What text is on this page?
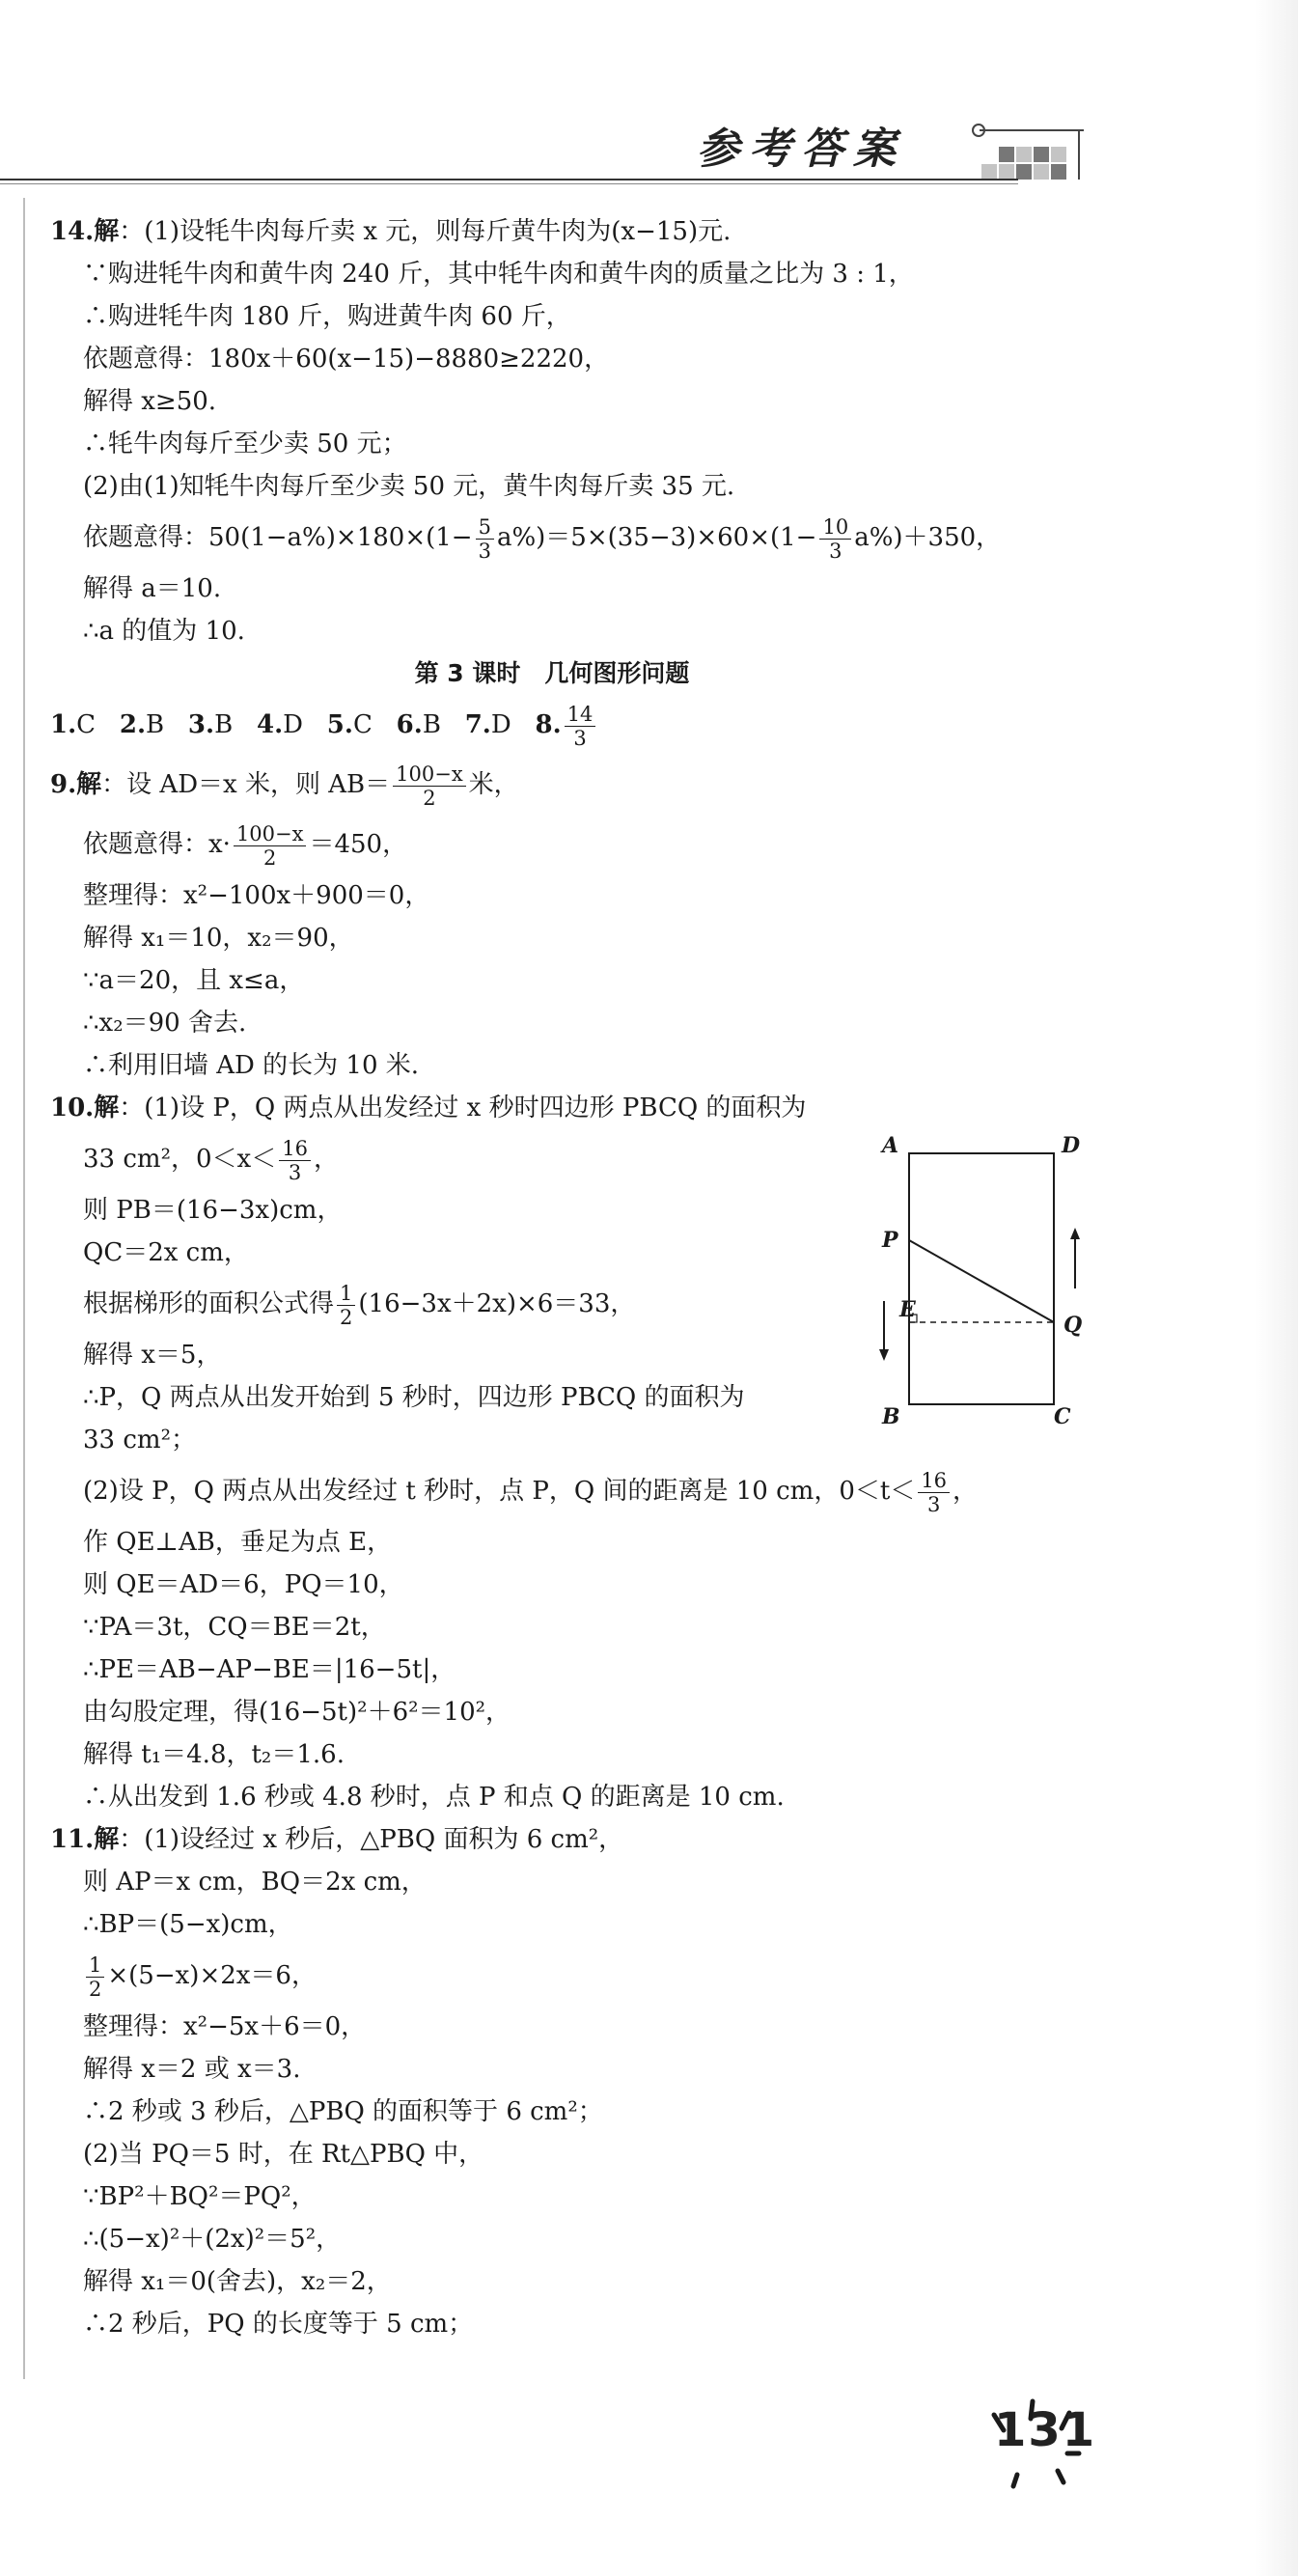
参考答案
14.解：(1)设牦牛肉每斤卖 x 元，则每斤黄牛肉为(x−15)元.
∵购进牦牛肉和黄牛肉 240 斤，其中牦牛肉和黄牛肉的质量之比为 3 : 1，
∴购进牦牛肉 180 斤，购进黄牛肉 60 斤，
依题意得：180x＋60(x−15)−8880≥2220，
解得 x≥50.
∴牦牛肉每斤至少卖 50 元；
(2)由(1)知牦牛肉每斤至少卖 50 元，黄牛肉每斤卖 35 元.
依题意得：$50(1-a\%)\times 180\times(1- \frac{5}{3} a\%)=5\times(35-3)\times 60\times(1- \frac{10}{3} a\%)+350$，
解得 a＝10.
∴a 的值为 10.
第 3 课时　几何图形问题
1.C 2.B 3.B 4.D 5.C 6.B 7.D 8. $\frac{14}{3}$
9.解：设 AD＝x 米，则 $AB= \frac{100-x}{2}$ 米，
依题意得：$x\cdot \frac{100-x}{2} =450$，
整理得：x²−100x＋900＝0，
解得 x₁＝10，x₂＝90，
∵a＝20，且 x≤a，
∴x₂＝90 舍去.
∴利用旧墙 AD 的长为 10 米.
10.解：(1)设 P，Q 两点从出发经过 x 秒时四边形 PBCQ 的面积为
33 cm²，$0<x< \frac{16}{3}$ ，
则 PB＝(16−3x)cm，
QC＝2x cm，
根据梯形的面积公式得 $\frac{1}{2} (16-3x+2x)\times 6=33$，
解得 x＝5，
∴P，Q 两点从出发开始到 5 秒时，四边形 PBCQ 的面积为
33 cm²；
(2)设 P，Q 两点从出发经过 t 秒时，点 P，Q 间的距离是 10 cm，$0<t< \frac{16}{3}$ ，
作 QE⊥AB，垂足为点 E，
则 QE＝AD＝6，PQ＝10，
∵PA＝3t，CQ＝BE＝2t，
∴PE＝AB−AP−BE＝|16−5t|，
由勾股定理，得(16−5t)²＋6²＝10²，
解得 t₁＝4.8，t₂＝1.6.
∴从出发到 1.6 秒或 4.8 秒时，点 P 和点 Q 的距离是 10 cm.
11.解：(1)设经过 x 秒后，△PBQ 面积为 6 cm²，
则 AP＝x cm，BQ＝2x cm，
∴BP＝(5−x)cm，
$\frac{1}{2} \times(5-x)\times 2x=6$，
整理得：x²−5x＋6＝0，
解得 x＝2 或 x＝3.
∴2 秒或 3 秒后，△PBQ 的面积等于 6 cm²；
(2)当 PQ＝5 时，在 Rt△PBQ 中，
∵BP²＋BQ²＝PQ²，
∴(5−x)²＋(2x)²＝5²，
解得 x₁＝0(舍去)，x₂＝2，
∴2 秒后，PQ 的长度等于 5 cm；
A	D
P
E
Q
B	C
131
